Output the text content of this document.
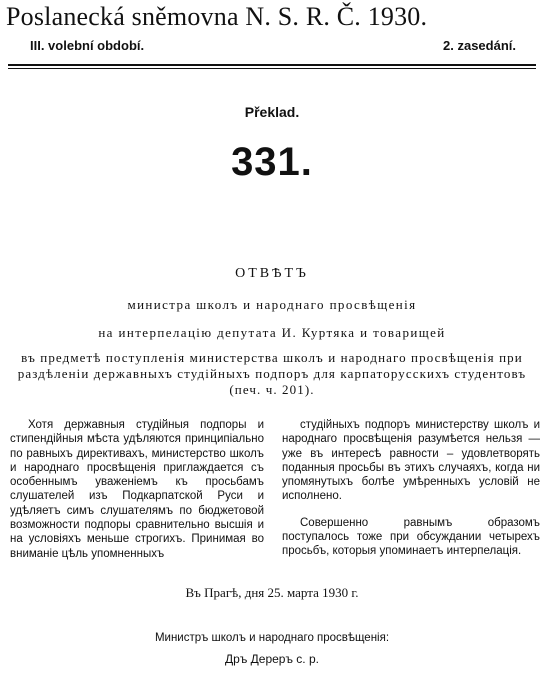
Poslanecká sněmovna N. S. R. Č. 1930.
III. volební období.	2. zasedání.
Překlad.
331.
ОТВѢТЪ
министра школъ и народнаго просвѣщенія
на интерпелацію депутата И. Куртяка и товарищей
въ предметѣ поступленія министерства школъ и народнаго просвѣщенія при раздѣленіи державныхъ студійныхъ подпоръ для карпаторусскихъ студентовъ (печ. ч. 201).

Хотя державныя студійныя подпоры и стипендійныя мѣста удѣляются принципіально по равныхъ директивахъ, министерство школъ и народнаго просвѣщенія приглаждается съ особеннымъ уваженіемъ къ просьбамъ слушателей изъ Подкарпатской Руси и удѣляетъ симъ слушателямъ по бюджетовой возможности подпоры сравнительно высшія и на условіяхъ меньше строгихъ. Принимая во вниманіе цѣль упомненныхъ

студійныхъ подпоръ министерству школъ и народнаго просвѣщенія разумѣется нельзя — уже въ интересѣ равности – удовлетворять поданныя просьбы въ этихъ случаяхъ, когда ни упомянутыхъ болѣе умѣренныхъ условій не исполнено.

Совершенно равнымъ образомъ поступалось тоже при обсуждании четырехъ просьбъ, которыя упоминаетъ интерпелація.

Въ Прагѣ, дня 25. марта 1930 г.
Министръ школъ и народнаго просвѣщенія:
Дръ Дереръ с. р.
